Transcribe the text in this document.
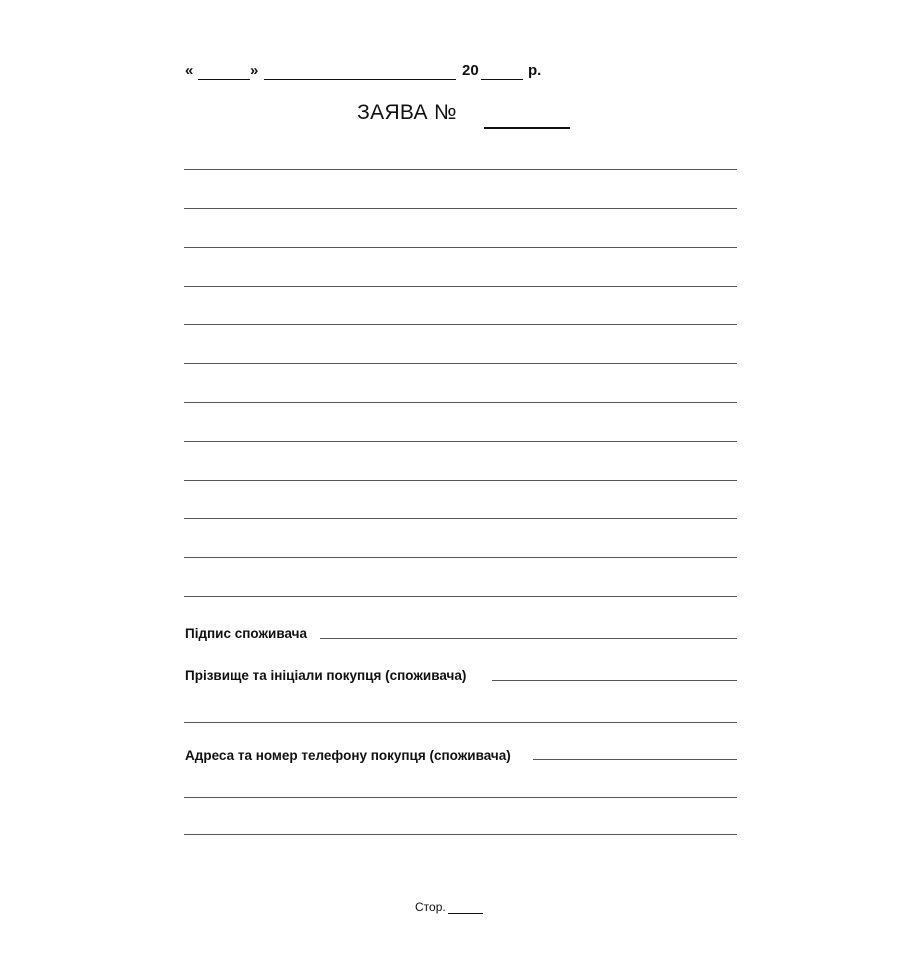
«	»	20	р.
ЗАЯВА №
Підпис споживача
Прізвище та ініціали покупця (споживача)
Адреса та номер телефону покупця (споживача)
Стор.
